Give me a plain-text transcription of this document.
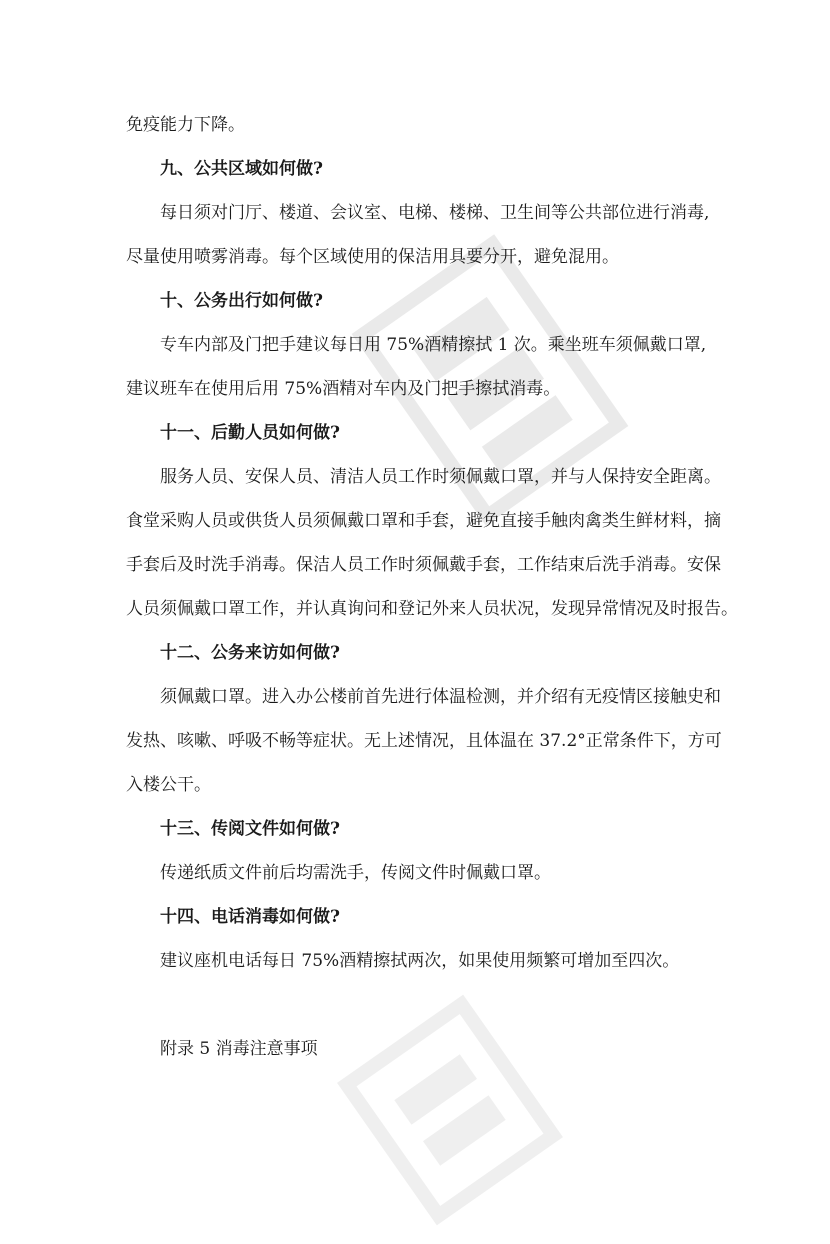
免疫能力下降。
九、公共区域如何做?
每日须对门厅、楼道、会议室、电梯、楼梯、卫生间等公共部位进行消毒,
尽量使用喷雾消毒。每个区域使用的保洁用具要分开，避免混用。
十、公务出行如何做?
专车内部及门把手建议每日用 75%酒精擦拭 1 次。乘坐班车须佩戴口罩,
建议班车在使用后用 75%酒精对车内及门把手擦拭消毒。
十一、后勤人员如何做?
服务人员、安保人员、清洁人员工作时须佩戴口罩，并与人保持安全距离。
食堂采购人员或供货人员须佩戴口罩和手套，避免直接手触肉禽类生鲜材料，摘
手套后及时洗手消毒。保洁人员工作时须佩戴手套，工作结束后洗手消毒。安保
人员须佩戴口罩工作，并认真询问和登记外来人员状况，发现异常情况及时报告。
十二、公务来访如何做?
须佩戴口罩。进入办公楼前首先进行体温检测，并介绍有无疫情区接触史和
发热、咳嗽、呼吸不畅等症状。无上述情况，且体温在 37.2°正常条件下，方可
入楼公干。
十三、传阅文件如何做?
传递纸质文件前后均需洗手，传阅文件时佩戴口罩。
十四、电话消毒如何做?
建议座机电话每日 75%酒精擦拭两次，如果使用频繁可增加至四次。
附录 5 消毒注意事项
